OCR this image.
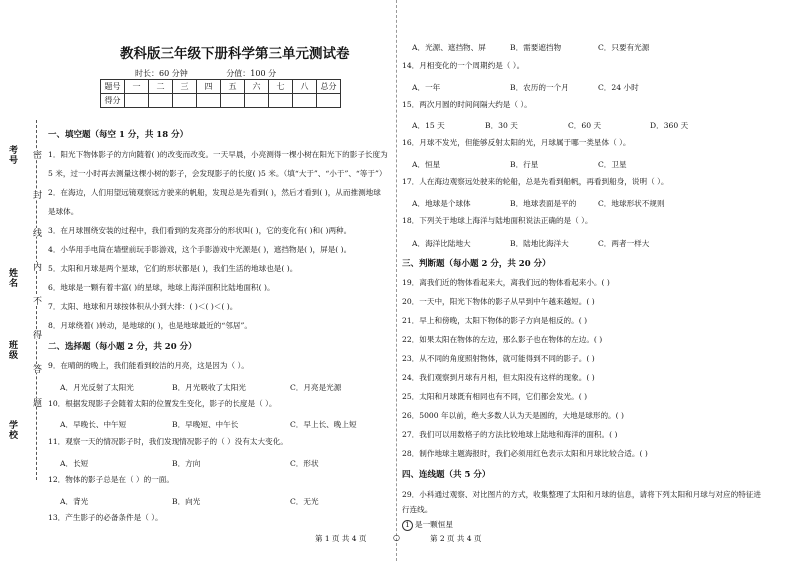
考号
姓名
班级
学校
密
封
线
内
不
得
答
题
教科版三年级下册科学第三单元测试卷
时长：60 分钟	分值：100 分
题号	一	二	三	四	五	六	七	八	总分
得分									
一、填空题（每空 1 分，共 18 分）
1．阳光下物体影子的方向随着( )的改变而改变。一天早晨，小亮测得一棵小树在阳光下的影子长度为
5 米，过一小时再去测量这棵小树的影子，会发现影子的长度( )5 米。（填“大于”、“小于”、“等于”）
2．在海边，人们用望远镜观察远方驶来的帆船，发现总是先看到( )，然后才看到( )，从而推测地球
是球体。
3．在月球围绕安装的过程中，我们看到的发亮部分的形状叫( )，它的变化有( )和( )两种。
4．小华用手电筒在墙壁前玩手影游戏，这个手影游戏中光源是( )，遮挡物是( )，屏是( )。
5．太阳和月球是两个星球，它们的形状都是( )，我们生活的地球也是( )。
6．地球是一颗有着丰富( )的星球，地球上海洋面积比陆地面积( )。
7．太阳、地球和月球按体积从小到大排：( )＜( )＜( )。
8．月球绕着( )转动，是地球的( )，也是地球最近的“邻居”。
二、选择题（每小题 2 分，共 20 分）
9．在晴朗的晚上，我们能看到皎洁的月亮，这是因为（ ）。
A．月光反射了太阳光	B．月光吸收了太阳光	C．月亮是光源
10．根据发现影子会随着太阳的位置发生变化，影子的长度是（ ）。
A．早晚长、中午短	B．早晚短、中午长	C．早上长、晚上短
11．观察一天的情况影子时，我们发现情况影子的（ ）没有太大变化。
A．长短	B．方向	C．形状
12．物体的影子总是在（ ）的一面。
A．背光	B．向光	C．无光
13．产生影子的必备条件是（ ）。
A．光源、遮挡物、屏	B．需要遮挡物	C．只要有光源
14．月相变化的一个周期约是（ ）。
A．一年	B．农历的一个月	C．24 小时
15．两次月圆的时间间隔大约是（ ）。
A．15 天	B．30 天	C．60 天	D．360 天
16．月球不发光，但能够反射太阳的光，月球属于哪一类星体（ ）。
A．恒星	B．行星	C．卫星
17．人在海边观察远处驶来的轮船，总是先看到船帆，再看到船身，说明（ ）。
A．地球是个球体	B．地球表面是平的	C．地球形状不规则
18．下列关于地球上海洋与陆地面积说法正确的是（ ）。
A．海洋比陆地大	B．陆地比海洋大	C．两者一样大
三、判断题（每小题 2 分，共 20 分）
19．离我们近的物体看起来大，离我们远的物体看起来小。( )
20．一天中，阳光下物体的影子从早到中午越来越短。( )
21．早上和傍晚，太阳下物体的影子方向是相反的。( )
22．如果太阳在物体的左边，那么影子也在物体的左边。( )
23．从不同的角度照射物体，就可能得到不同的影子。( )
24．我们观察到月球有月相，但太阳没有这样的现象。( )
25．太阳和月球既有相同也有不同，它们都会发光。( )
26．5000 年以前，绝大多数人认为天是圆的，大地是球形的。( )
27．我们可以用数格子的方法比较地球上陆地和海洋的面积。( )
28．制作地球主题海报时，我们必须用红色表示太阳和月球比较合适。( )
四、连线题（共 5 分）
29．小科通过观察、对比图片的方式，收集整理了太阳和月球的信息，请将下列太阳和月球与对应的特征进
行连线。
1 是一颗恒星
第 1 页 共 4 页	○	第 2 页 共 4 页
